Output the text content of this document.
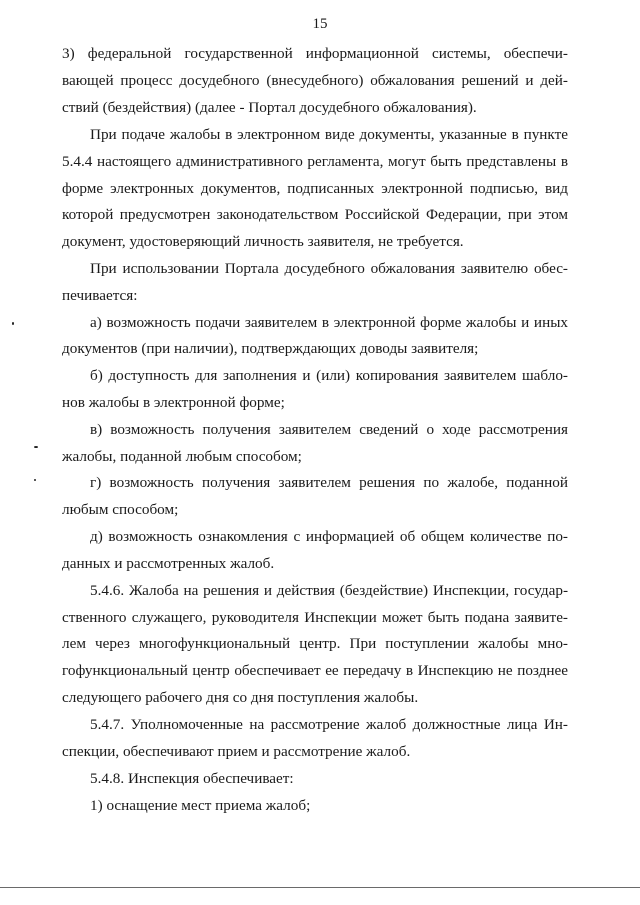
15
3) федеральной государственной информационной системы, обеспечи-
вающей процесс досудебного (внесудебного) обжалования решений и дей-
ствий (бездействия) (далее - Портал досудебного обжалования).
При подаче жалобы в электронном виде документы, указанные в пункте
5.4.4 настоящего административного регламента, могут быть представлены в
форме электронных документов, подписанных электронной подписью, вид
которой предусмотрен законодательством Российской Федерации, при этом
документ, удостоверяющий личность заявителя, не требуется.
При использовании Портала досудебного обжалования заявителю обес-
печивается:
а) возможность подачи заявителем в электронной форме жалобы и иных
документов (при наличии), подтверждающих доводы заявителя;
б) доступность для заполнения и (или) копирования заявителем шабло-
нов жалобы в электронной форме;
в) возможность получения заявителем сведений о ходе рассмотрения
жалобы, поданной любым способом;
г) возможность получения заявителем решения по жалобе, поданной
любым способом;
д) возможность ознакомления с информацией об общем количестве по-
данных и рассмотренных жалоб.
5.4.6. Жалоба на решения и действия (бездействие) Инспекции, государ-
ственного служащего, руководителя Инспекции может быть подана заявите-
лем через многофункциональный центр. При поступлении жалобы мно-
гофункциональный центр обеспечивает ее передачу в Инспекцию не позднее
следующего рабочего дня со дня поступления жалобы.
5.4.7. Уполномоченные на рассмотрение жалоб должностные лица Ин-
спекции, обеспечивают прием и рассмотрение жалоб.
5.4.8. Инспекция обеспечивает:
1) оснащение мест приема жалоб;
